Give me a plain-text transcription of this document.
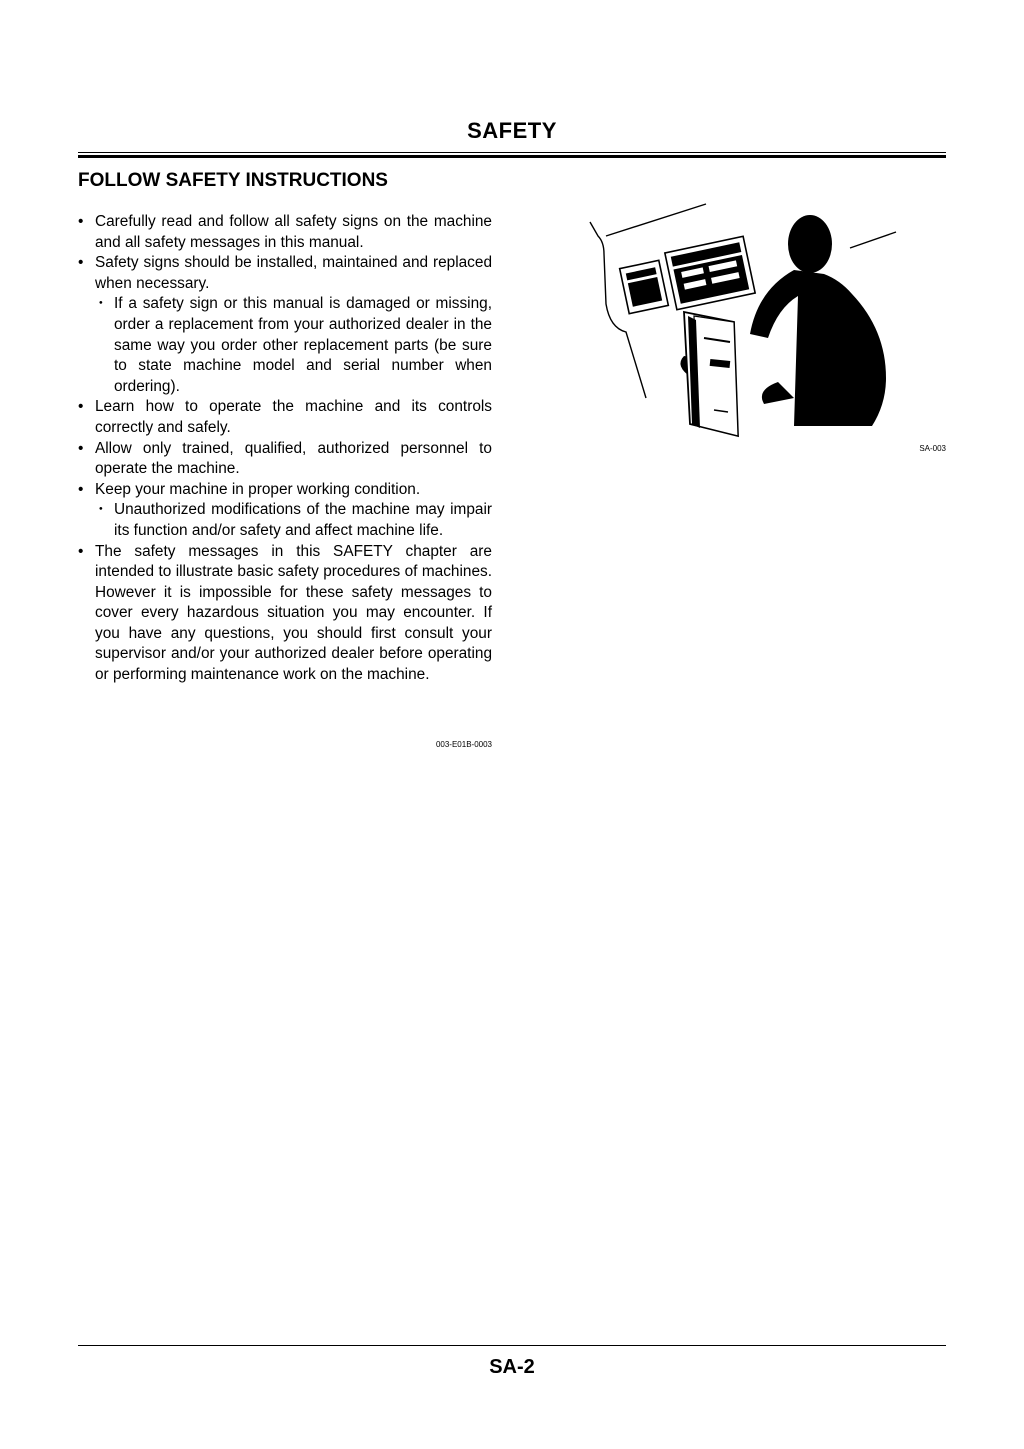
SAFETY
FOLLOW SAFETY INSTRUCTIONS
• Carefully read and follow all safety signs on the machine and all safety messages in this manual.
• Safety signs should be installed, maintained and replaced when necessary.
･ If a safety sign or this manual is damaged or missing, order a replacement from your authorized dealer in the same way you order other replacement parts (be sure to state machine model and serial number when ordering).
• Learn how to operate the machine and its controls correctly and safely.
• Allow only trained, qualified, authorized personnel to operate the machine.
• Keep your machine in proper working condition.
･ Unauthorized modifications of the machine may impair its function and/or safety and affect machine life.
• The safety messages in this SAFETY chapter are intended to illustrate basic safety procedures of machines. However it is impossible for these safety messages to cover every hazardous situation you may encounter. If you have any questions, you should first consult your supervisor and/or your authorized dealer before operating or performing maintenance work on the machine.
003-E01B-0003
SA-003
SA-2
